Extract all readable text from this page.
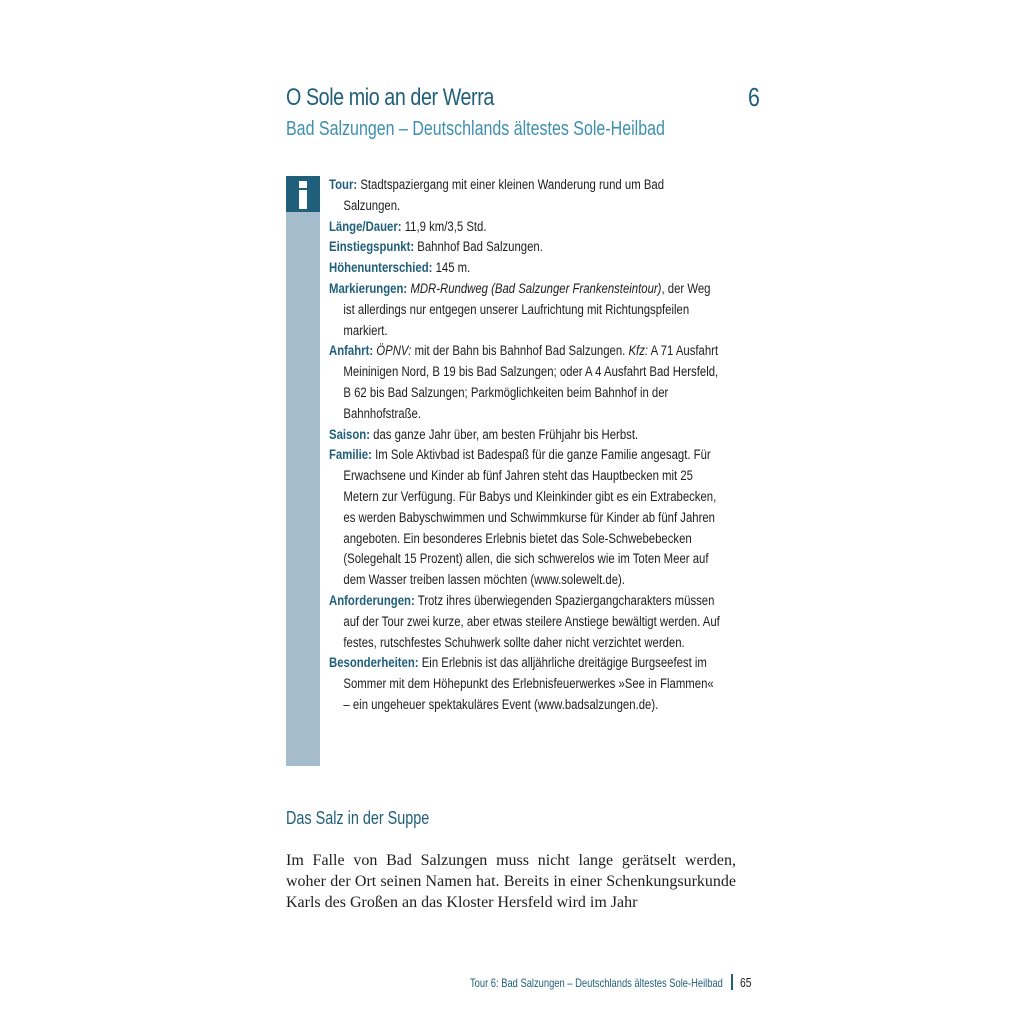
O Sole mio an der Werra	6
Bad Salzungen – Deutschlands ältestes Sole-Heilbad
Tour: Stadtspaziergang mit einer kleinen Wanderung rund um Bad Salzungen.
Länge/Dauer: 11,9 km/3,5 Std.
Einstiegspunkt: Bahnhof Bad Salzungen.
Höhenunterschied: 145 m.
Markierungen: MDR-Rundweg (Bad Salzunger Frankensteintour), der Weg ist allerdings nur entgegen unserer Laufrichtung mit Richtungspfeilen markiert.
Anfahrt: ÖPNV: mit der Bahn bis Bahnhof Bad Salzungen. Kfz: A 71 Ausfahrt Meininigen Nord, B 19 bis Bad Salzungen; oder A 4 Ausfahrt Bad Hersfeld, B 62 bis Bad Salzungen; Parkmöglichkeiten beim Bahnhof in der Bahnhofstraße.
Saison: das ganze Jahr über, am besten Frühjahr bis Herbst.
Familie: Im Sole Aktivbad ist Badespaß für die ganze Familie angesagt. Für Erwachsene und Kinder ab fünf Jahren steht das Hauptbecken mit 25 Metern zur Verfügung. Für Babys und Kleinkinder gibt es ein Extrabecken, es werden Babyschwimmen und Schwimmkurse für Kinder ab fünf Jahren angeboten. Ein besonderes Erlebnis bietet das Sole-Schwebebecken (Solegehalt 15 Prozent) allen, die sich schwerelos wie im Toten Meer auf dem Wasser treiben lassen möchten (www.solewelt.de).
Anforderungen: Trotz ihres überwiegenden Spaziergangcharakters müssen auf der Tour zwei kurze, aber etwas steilere Anstiege bewältigt werden. Auf festes, rutschfestes Schuhwerk sollte daher nicht verzichtet werden.
Besonderheiten: Ein Erlebnis ist das alljährliche dreitägige Burgseefest im Sommer mit dem Höhepunkt des Erlebnisfeuerwerkes »See in Flammen« – ein ungeheuer spektakuläres Event (www.badsalzungen.de).
Das Salz in der Suppe

Im Falle von Bad Salzungen muss nicht lange gerätselt werden, woher der Ort seinen Namen hat. Bereits in einer Schenkungsurkunde Karls des Großen an das Kloster Hersfeld wird im Jahr

Tour 6: Bad Salzungen – Deutschlands ältestes Sole-Heilbad 65
